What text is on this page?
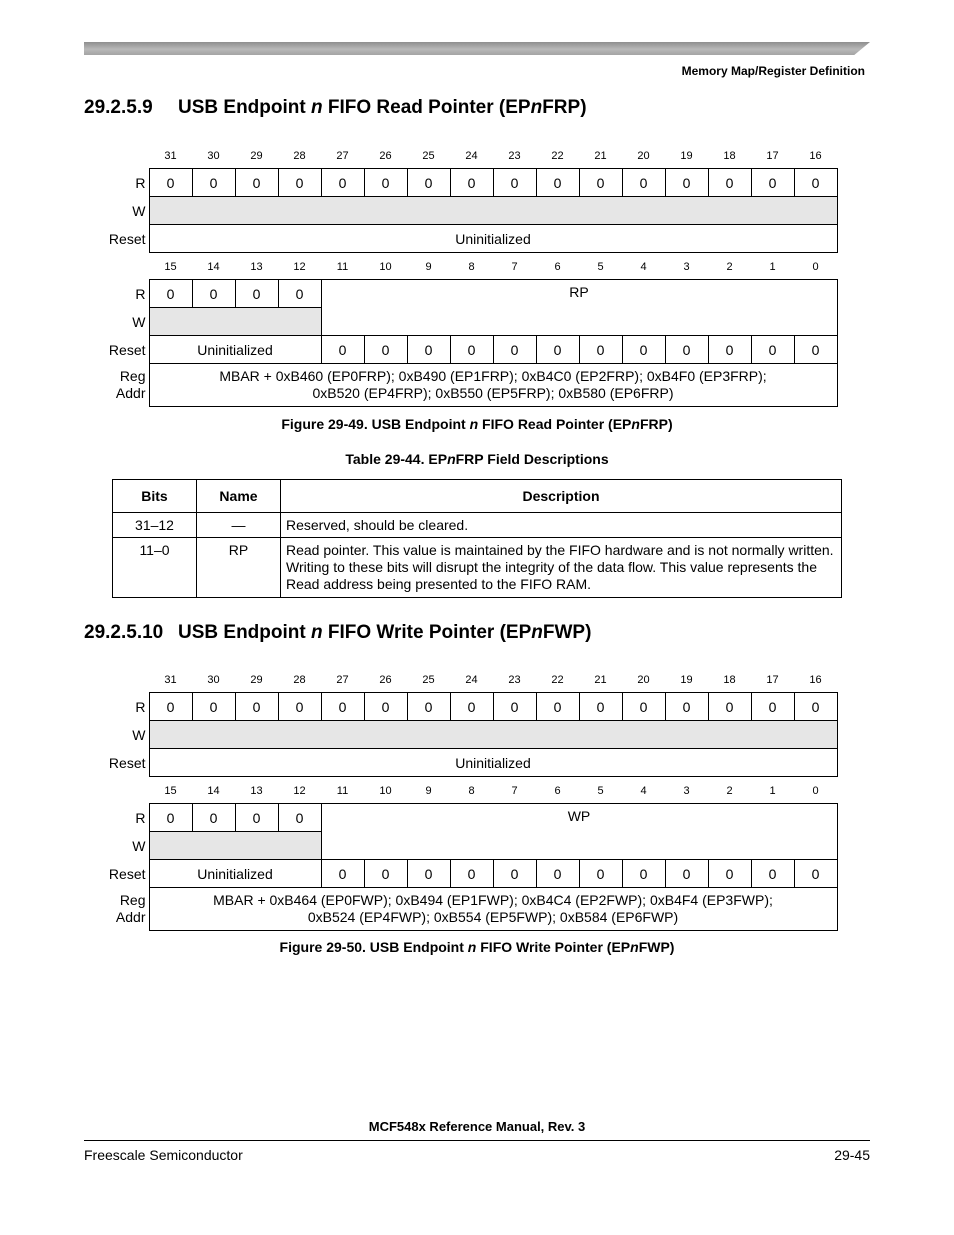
Memory Map/Register Definition
29.2.5.9 USB Endpoint n FIFO Read Pointer (EPnFRP)
31	30	29	28	27	26	25	24	23	22	21	20	19	18	17	16
R	0	0	0	0	0	0	0	0	0	0	0	0	0	0	0	0
W																
Reset	Uninitialized															
15	14	13	12	11	10	9	8	7	6	5	4	3	2	1	0
R	0	0	0	0	RP											
W																
Reset	Uninitialized				0	0	0	0	0	0	0	0	0	0	0	0
Reg
Addr	MBAR + 0xB460 (EP0FRP); 0xB490 (EP1FRP); 0xB4C0 (EP2FRP); 0xB4F0 (EP3FRP);
0xB520 (EP4FRP); 0xB550 (EP5FRP); 0xB580 (EP6FRP)															
Figure 29-49. USB Endpoint n FIFO Read Pointer (EPnFRP)
Table 29-44. EPnFRP Field Descriptions
Bits	Name	Description
31–12	—	Reserved, should be cleared.
11–0	RP	Read pointer. This value is maintained by the FIFO hardware and is not normally written. Writing to these bits will disrupt the integrity of the data flow. This value represents the Read address being presented to the FIFO RAM.
29.2.5.10 USB Endpoint n FIFO Write Pointer (EPnFWP)
31	30	29	28	27	26	25	24	23	22	21	20	19	18	17	16
R	0	0	0	0	0	0	0	0	0	0	0	0	0	0	0	0
W																
Reset	Uninitialized															
15	14	13	12	11	10	9	8	7	6	5	4	3	2	1	0
R	0	0	0	0	WP											
W																
Reset	Uninitialized				0	0	0	0	0	0	0	0	0	0	0	0
Reg
Addr	MBAR + 0xB464 (EP0FWP); 0xB494 (EP1FWP); 0xB4C4 (EP2FWP); 0xB4F4 (EP3FWP);
0xB524 (EP4FWP); 0xB554 (EP5FWP); 0xB584 (EP6FWP)															
Figure 29-50. USB Endpoint n FIFO Write Pointer (EPnFWP)
MCF548x Reference Manual, Rev. 3
Freescale Semiconductor	29-45
